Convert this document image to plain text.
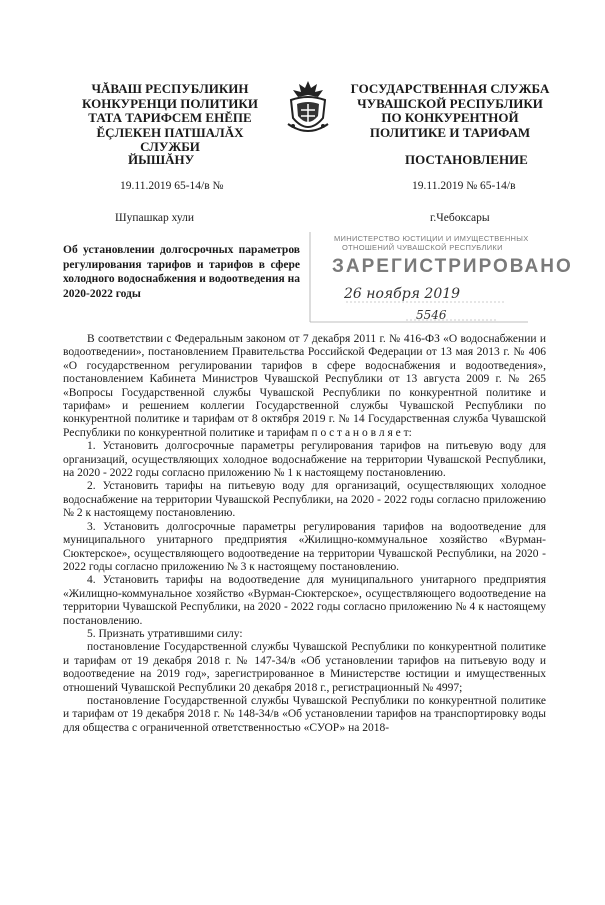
ЧĂВАШ РЕСПУБЛИКИН
КОНКУРЕНЦИ ПОЛИТИКИ
ТАТА ТАРИФСЕМ ЕНĔПЕ
ĔÇЛЕКЕН ПАТШАЛĂХ СЛУЖБИ
ГОСУДАРСТВЕННАЯ СЛУЖБА
ЧУВАШСКОЙ РЕСПУБЛИКИ
ПО КОНКУРЕНТНОЙ
ПОЛИТИКЕ И ТАРИФАМ
ЙЫШĂНУ	ПОСТАНОВЛЕНИЕ
19.11.2019 65-14/в №	19.11.2019 № 65-14/в
Шупашкар хули	г.Чебоксары
Об установлении долгосрочных параметров регулирования тарифов и тарифов в сфере холодного водоснабжения и водоотведения на 2020-2022 годы
МИНИСТЕРСТВО ЮСТИЦИИ И ИМУЩЕСТВЕННЫХ
ОТНОШЕНИЙ ЧУВАШСКОЙ РЕСПУБЛИКИ
ЗАРЕГИСТРИРОВАНО
26 ноября 2019
5546

В соответствии с Федеральным законом от 7 декабря 2011 г. № 416-ФЗ «О водоснабжении и водоотведении», постановлением Правительства Российской Федерации от 13 мая 2013 г. № 406 «О государственном регулировании тарифов в сфере водоснабжения и водоотведения», постановлением Кабинета Министров Чувашской Республики от 13 августа 2009 г. № 265 «Вопросы Государственной службы Чувашской Республики по конкурентной политике и тарифам» и решением коллегии Государственной службы Чувашской Республики по конкурентной политике и тарифам от 8 октября 2019 г. № 14 Государственная служба Чувашской Республики по конкурентной политике и тарифам п о с т а н о в л я е т:

1. Установить долгосрочные параметры регулирования тарифов на питьевую воду для организаций, осуществляющих холодное водоснабжение на территории Чувашской Республики, на 2020 - 2022 годы согласно приложению № 1 к настоящему постановлению.

2. Установить тарифы на питьевую воду для организаций, осуществляющих холодное водоснабжение на территории Чувашской Республики, на 2020 - 2022 годы согласно приложению № 2 к настоящему постановлению.

3. Установить долгосрочные параметры регулирования тарифов на водоотведение для муниципального унитарного предприятия «Жилищно-коммунальное хозяйство «Вурман-Сюктерское», осуществляющего водоотведение на территории Чувашской Республики, на 2020 - 2022 годы согласно приложению № 3 к настоящему постановлению.

4. Установить тарифы на водоотведение для муниципального унитарного предприятия «Жилищно-коммунальное хозяйство «Вурман-Сюктерское», осуществляющего водоотведение на территории Чувашской Республики, на 2020 - 2022 годы согласно приложению № 4 к настоящему постановлению.

5. Признать утратившими силу:

постановление Государственной службы Чувашской Республики по конкурентной политике и тарифам от 19 декабря 2018 г. № 147-34/в «Об установлении тарифов на питьевую воду и водоотведение на 2019 год», зарегистрированное в Министерстве юстиции и имущественных отношений Чувашской Республики 20 декабря 2018 г., регистрационный № 4997;

постановление Государственной службы Чувашской Республики по конкурентной политике и тарифам от 19 декабря 2018 г. № 148-34/в «Об установлении тарифов на транспортировку воды для общества с ограниченной ответственностью «СУОР» на 2018-
